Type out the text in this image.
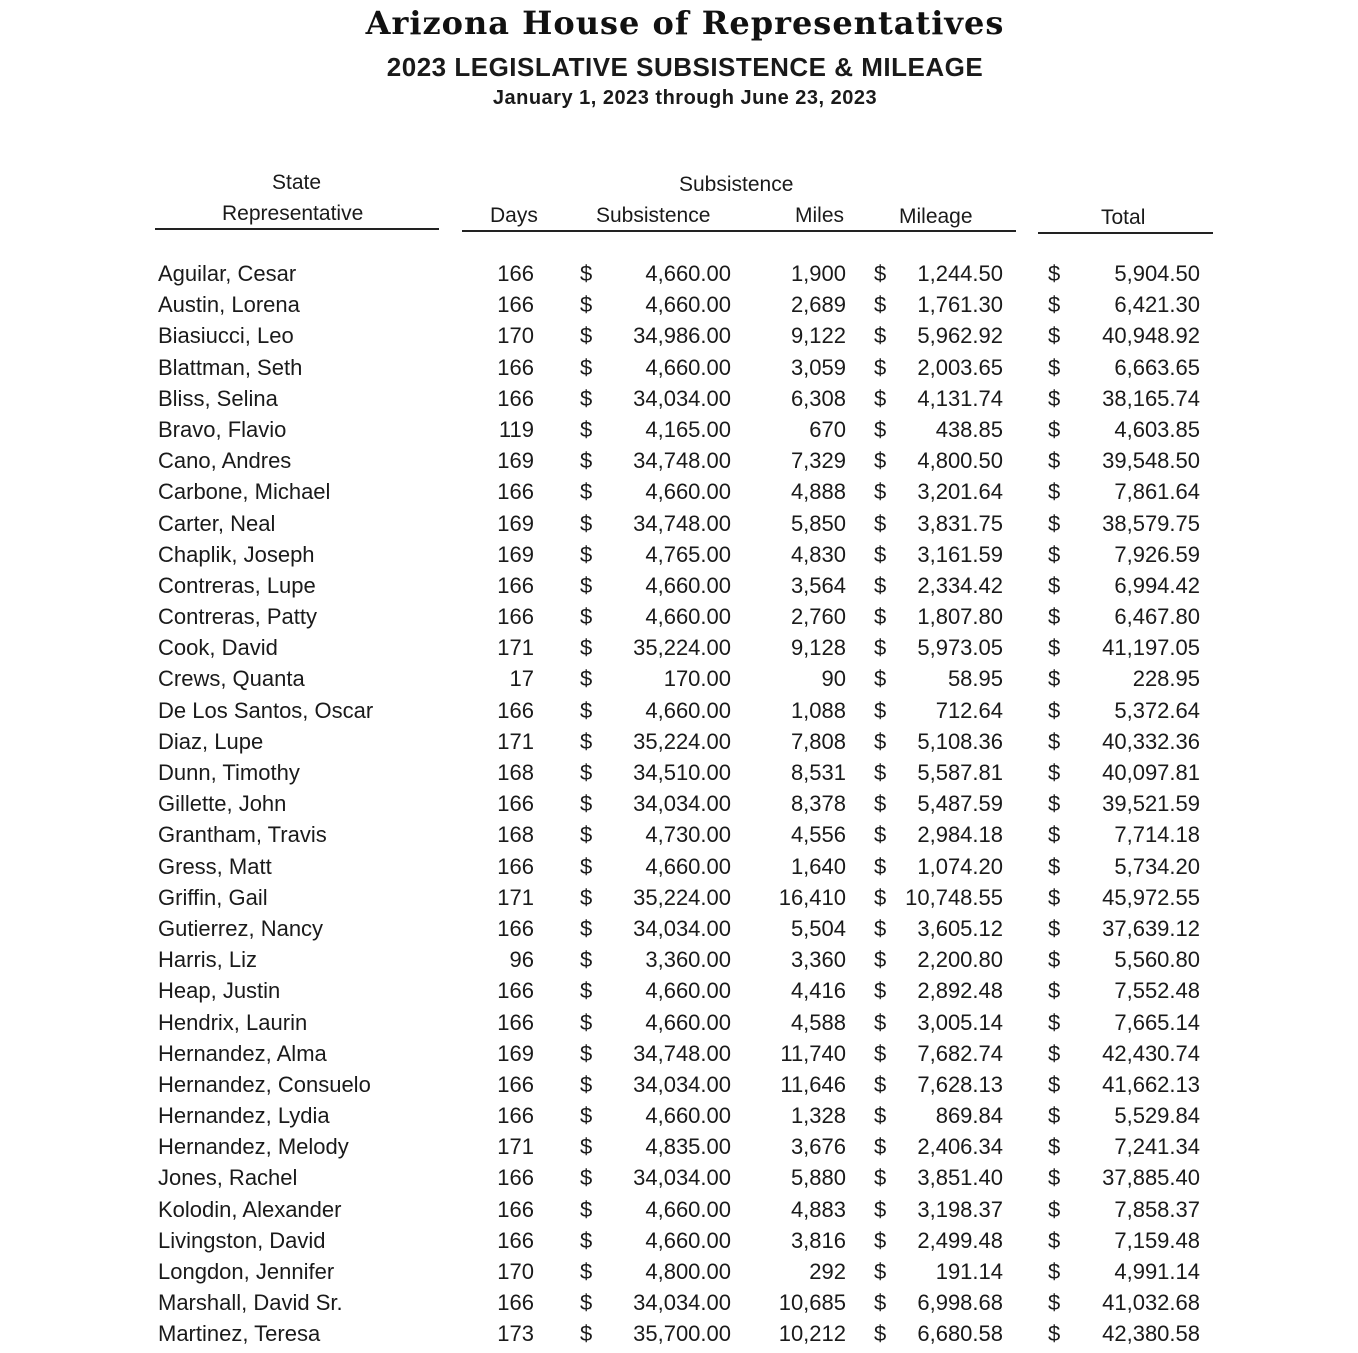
Arizona House of Representatives
2023 LEGISLATIVE SUBSISTENCE & MILEAGE
January 1, 2023 through June 23, 2023
State
Representative
Subsistence
Days	Subsistence	Miles	Mileage	Total
Aguilar, Cesar	166 $	4,660.00	1,900 $	1,244.50 $	5,904.50
Austin, Lorena	166 $	4,660.00	2,689 $	1,761.30 $	6,421.30
Biasiucci, Leo	170 $	34,986.00	9,122 $	5,962.92 $	40,948.92
Blattman, Seth	166 $	4,660.00	3,059 $	2,003.65 $	6,663.65
Bliss, Selina	166 $	34,034.00	6,308 $	4,131.74 $	38,165.74
Bravo, Flavio	119 $	4,165.00	670 $	438.85 $	4,603.85
Cano, Andres	169 $	34,748.00	7,329 $	4,800.50 $	39,548.50
Carbone, Michael	166 $	4,660.00	4,888 $	3,201.64 $	7,861.64
Carter, Neal	169 $	34,748.00	5,850 $	3,831.75 $	38,579.75
Chaplik, Joseph	169 $	4,765.00	4,830 $	3,161.59 $	7,926.59
Contreras, Lupe	166 $	4,660.00	3,564 $	2,334.42 $	6,994.42
Contreras, Patty	166 $	4,660.00	2,760 $	1,807.80 $	6,467.80
Cook, David	171 $	35,224.00	9,128 $	5,973.05 $	41,197.05
Crews, Quanta	17 $	170.00	90 $	58.95 $	228.95
De Los Santos, Oscar	166 $	4,660.00	1,088 $	712.64 $	5,372.64
Diaz, Lupe	171 $	35,224.00	7,808 $	5,108.36 $	40,332.36
Dunn, Timothy	168 $	34,510.00	8,531 $	5,587.81 $	40,097.81
Gillette, John	166 $	34,034.00	8,378 $	5,487.59 $	39,521.59
Grantham, Travis	168 $	4,730.00	4,556 $	2,984.18 $	7,714.18
Gress, Matt	166 $	4,660.00	1,640 $	1,074.20 $	5,734.20
Griffin, Gail	171 $	35,224.00	16,410 $ 10,748.55 $	45,972.55
Gutierrez, Nancy	166 $	34,034.00	5,504 $	3,605.12 $	37,639.12
Harris, Liz	96 $	3,360.00	3,360 $	2,200.80 $	5,560.80
Heap, Justin	166 $	4,660.00	4,416 $	2,892.48 $	7,552.48
Hendrix, Laurin	166 $	4,660.00	4,588 $	3,005.14 $	7,665.14
Hernandez, Alma	169 $	34,748.00	11,740 $	7,682.74 $	42,430.74
Hernandez, Consuelo	166 $	34,034.00	11,646 $	7,628.13 $	41,662.13
Hernandez, Lydia	166 $	4,660.00	1,328 $	869.84 $	5,529.84
Hernandez, Melody	171 $	4,835.00	3,676 $	2,406.34 $	7,241.34
Jones, Rachel	166 $	34,034.00	5,880 $	3,851.40 $	37,885.40
Kolodin, Alexander	166 $	4,660.00	4,883 $	3,198.37 $	7,858.37
Livingston, David	166 $	4,660.00	3,816 $	2,499.48 $	7,159.48
Longdon, Jennifer	170 $	4,800.00	292 $	191.14 $	4,991.14
Marshall, David Sr.	166 $	34,034.00	10,685 $	6,998.68 $	41,032.68
Martinez, Teresa	173 $	35,700.00	10,212 $	6,680.58 $	42,380.58
